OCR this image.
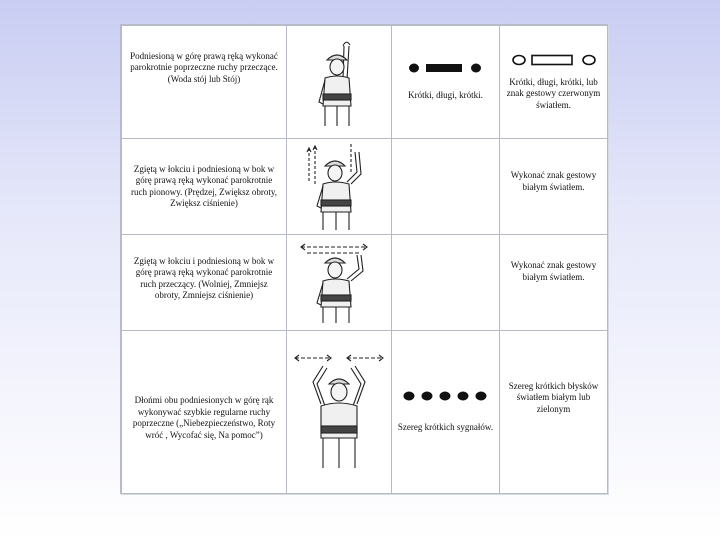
Podniesioną w górę prawą ręką wykonać parokrotnie poprzeczne ruchy przeczące. (Woda stój lub Stój)		Krótki, długi, krótki.	Krótki, długi, krótki, lub znak gestowy czerwonym światłem.

Zgiętą w łokciu i podniesioną w bok w górę prawą ręką wykonać parokrotnie ruch pionowy. (Prędzej, Zwiększ obroty, Zwiększ ciśnienie)			Wykonać znak gestowy białym światłem.

Zgiętą w łokciu i podniesioną w bok w górę prawą ręką wykonać parokrotnie ruch przeczący. (Wolniej, Zmniejsz obroty, Zmniejsz ciśnienie)			Wykonać znak gestowy białym światłem.

Dłońmi obu podniesionych w górę rąk wykonywać szybkie regularne ruchy poprzeczne („Niebezpieczeństwo, Roty wróć , Wycofać się, Na pomoc”)		Szereg krótkich sygnałów.	Szereg krótkich błysków światłem białym lub zielonym
